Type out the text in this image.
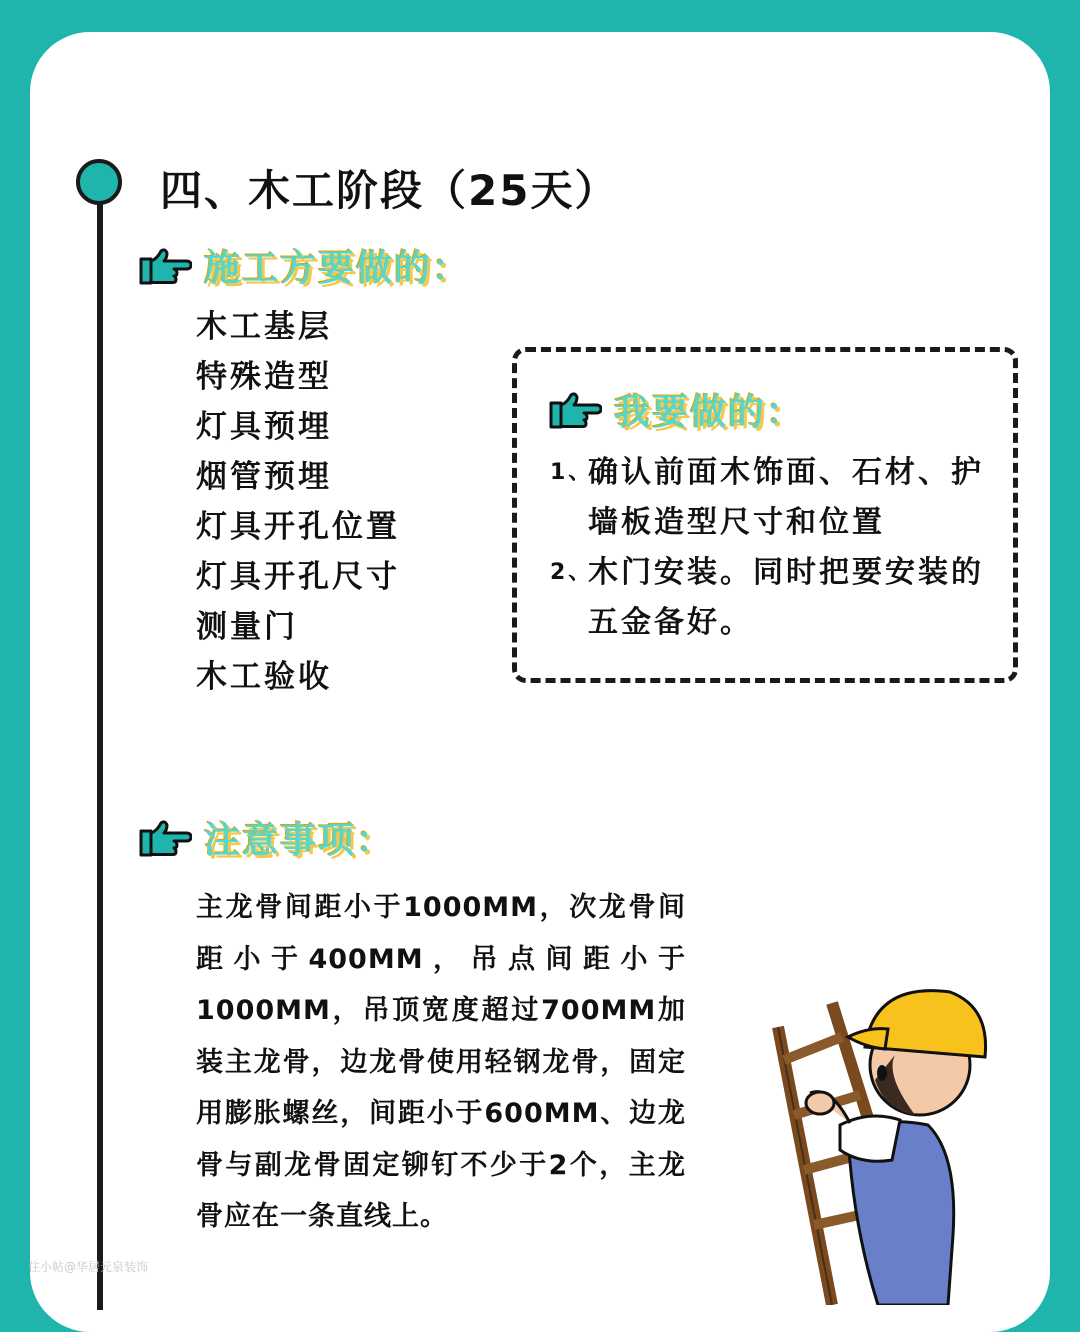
四、木工阶段（25天）
施工方要做的：
木工基层
特殊造型
灯具预埋
烟管预埋
灯具开孔位置
灯具开孔尺寸
测量门
木工验收
我要做的：
1、
确认前面木饰面、石材、护墙板造型尺寸和位置
2、
木门安装。同时把要安装的五金备好。
注意事项：

主龙骨间距小于1000MM，次龙骨间距小于400MM，吊点间距小于1000MM，吊顶宽度超过700MM加装主龙骨，边龙骨使用轻钢龙骨，固定用膨胀螺丝，间距小于600MM、边龙骨与副龙骨固定铆钉不少于2个，主龙骨应在一条直线上。

住小帖@华居元泉装饰
